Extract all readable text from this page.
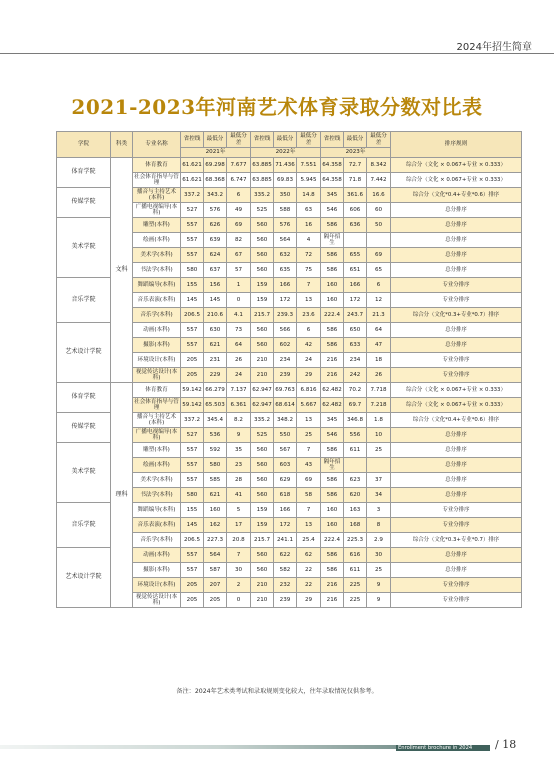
2024年招生简章
2021-2023年河南艺术体育录取分数对比表
学院	科类	专业名称	省控线	最低分	最低分差	省控线	最低分	最低分差	省控线	最低分	最低分差	排序规则
			2021年			2022年			2023年			
体育学院	文科	体育教育	61.621	69.298	7.677	63.885	71.436	7.551	64.358	72.7	8.342	综合分（文化 × 0.067+专业 × 0.333）
		社会体育指导与管理	61.621	68.368	6.747	63.885	69.83	5.945	64.358	71.8	7.442	综合分（文化 × 0.067+专业 × 0.333）
传媒学院		播音与主持艺术(本科)	337.2	343.2	6	335.2	350	14.8	345	361.6	16.6	综合分（文化*0.4+专业*0.6）排序
		广播电视编导(本科)	527	576	49	525	588	63	546	606	60	总分排序
美术学院		雕塑(本科)	557	626	69	560	576	16	586	636	50	总分排序
		绘画(本科)	557	639	82	560	564	4	隔年招生			总分排序
		美术学(本科)	557	624	67	560	632	72	586	655	69	总分排序
		书法学(本科)	580	637	57	560	635	75	586	651	65	总分排序
音乐学院		舞蹈编导(本科)	155	156	1	159	166	7	160	166	6	专业分排序
		音乐表演(本科)	145	145	0	159	172	13	160	172	12	专业分排序
		音乐学(本科)	206.5	210.6	4.1	215.7	239.3	23.6	222.4	243.7	21.3	综合分（文化*0.3+专业*0.7）排序
艺术设计学院		动画(本科)	557	630	73	560	566	6	586	650	64	总分排序
		摄影(本科)	557	621	64	560	602	42	586	633	47	总分排序
		环境设计(本科)	205	231	26	210	234	24	216	234	18	专业分排序
		视觉传达设计(本科)	205	229	24	210	239	29	216	242	26	专业分排序
体育学院	理科	体育教育	59.142	66.279	7.137	62.947	69.763	6.816	62.482	70.2	7.718	综合分（文化 × 0.067+专业 × 0.333）
		社会体育指导与管理	59.142	65.503	6.361	62.947	68.614	5.667	62.482	69.7	7.218	综合分（文化 × 0.067+专业 × 0.333）
传媒学院		播音与主持艺术(本科)	337.2	345.4	8.2	335.2	348.2	13	345	346.8	1.8	综合分（文化*0.4+专业*0.6）排序
		广播电视编导(本科)	527	536	9	525	550	25	546	556	10	总分排序
美术学院		雕塑(本科)	557	592	35	560	567	7	586	611	25	总分排序
		绘画(本科)	557	580	23	560	603	43	隔年招生			总分排序
		美术学(本科)	557	585	28	560	629	69	586	623	37	总分排序
		书法学(本科)	580	621	41	560	618	58	586	620	34	总分排序
音乐学院		舞蹈编导(本科)	155	160	5	159	166	7	160	163	3	专业分排序
		音乐表演(本科)	145	162	17	159	172	13	160	168	8	专业分排序
		音乐学(本科)	206.5	227.3	20.8	215.7	241.1	25.4	222.4	225.3	2.9	综合分（文化*0.3+专业*0.7）排序
艺术设计学院		动画(本科)	557	564	7	560	622	62	586	616	30	总分排序
		摄影(本科)	557	587	30	560	582	22	586	611	25	总分排序
		环境设计(本科)	205	207	2	210	232	22	216	225	9	专业分排序
		视觉传达设计(本科)	205	205	0	210	239	29	216	225	9	专业分排序
备注：2024年艺术类考试和录取规则变化较大，往年录取情况仅供参考。
Enrollment brochure in 2024 / 18
